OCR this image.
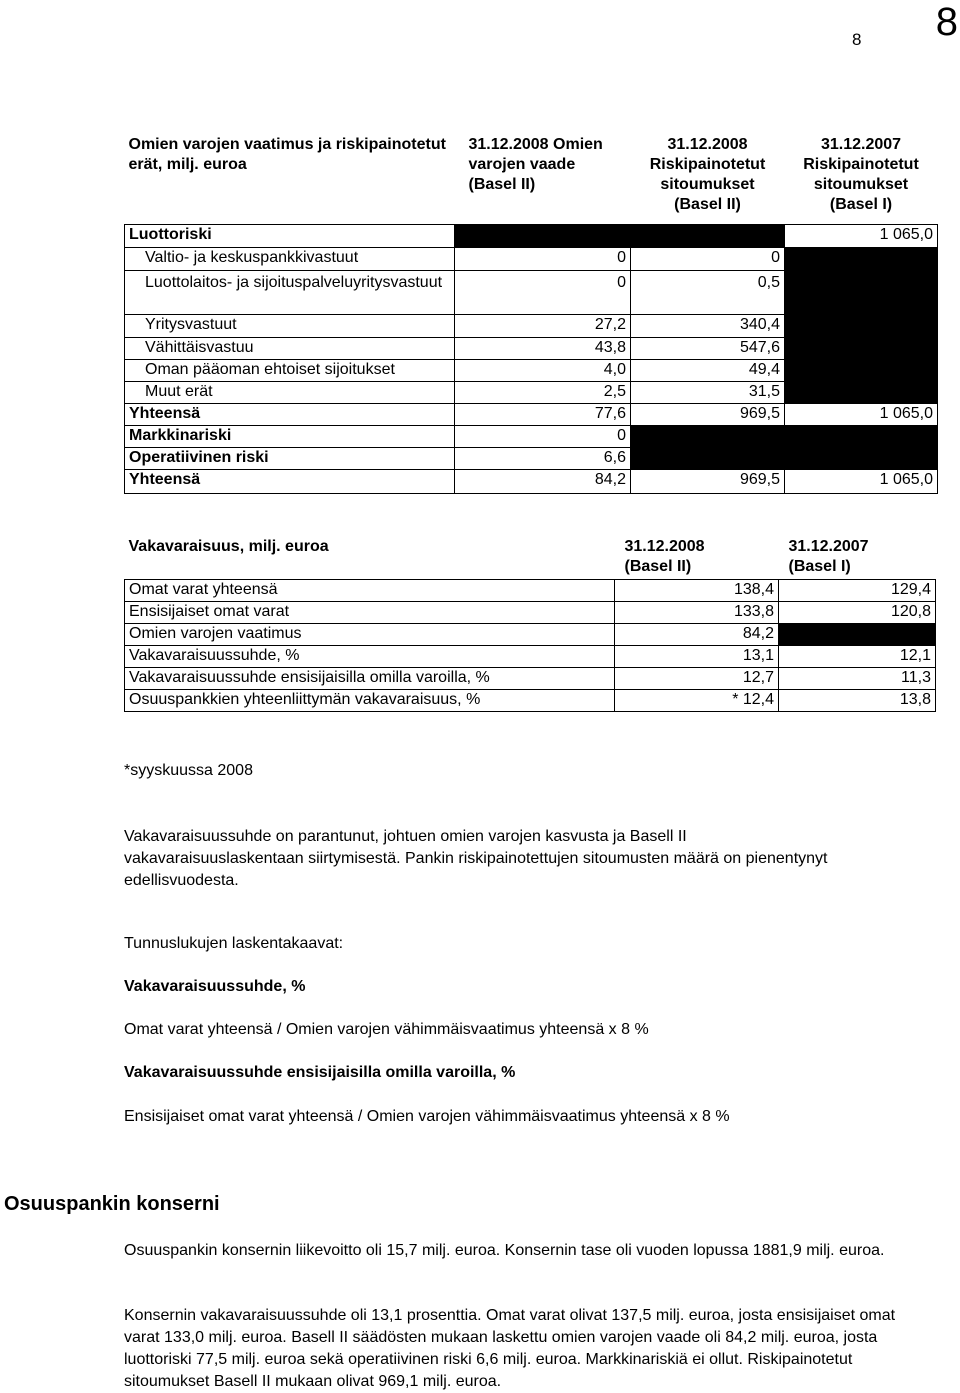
8 8
Omien varojen vaatimus ja riskipainotetut erät, milj. euroa	31.12.2008 Omien varojen vaade (Basel II)	31.12.2008 Riskipainotetut sitoumukset (Basel II)	31.12.2007 Riskipainotetut sitoumukset (Basel I)
Luottoriski			1 065,0
Valtio- ja keskuspankkivastuut	0	0	
Luottolaitos- ja sijoituspalveluyritysvastuut	0	0,5	
Yritysvastuut	27,2	340,4	
Vähittäisvastuu	43,8	547,6	
Oman pääoman ehtoiset sijoitukset	4,0	49,4	
Muut erät	2,5	31,5	
Yhteensä	77,6	969,5	1 065,0
Markkinariski	0		
Operatiivinen riski	6,6		
Yhteensä	84,2	969,5	1 065,0
Vakavaraisuus, milj. euroa	31.12.2008 (Basel II)	31.12.2007 (Basel I)

Omat varat yhteensä	138,4	129,4
Ensisijaiset omat varat	133,8	120,8
Omien varojen vaatimus	84,2	
Vakavaraisuussuhde, %	13,1	12,1
Vakavaraisuussuhde ensisijaisilla omilla varoilla, %	12,7	11,3
Osuuspankkien yhteenliittymän vakavaraisuus, %	* 12,4	13,8
*syyskuussa 2008
Vakavaraisuussuhde on parantunut, johtuen omien varojen kasvusta ja Basell II vakavaraisuuslaskentaan siirtymisestä. Pankin riskipainotettujen sitoumusten määrä on pienentynyt edellisvuodesta.
Tunnuslukujen laskentakaavat:
Vakavaraisuussuhde, %
Omat varat yhteensä / Omien varojen vähimmäisvaatimus yhteensä x 8 %
Vakavaraisuussuhde ensisijaisilla omilla varoilla, %
Ensisijaiset omat varat yhteensä / Omien varojen vähimmäisvaatimus yhteensä x 8 %
Osuuspankin konserni
Osuuspankin konsernin liikevoitto oli 15,7 milj. euroa. Konsernin tase oli vuoden lopussa 1881,9 milj. euroa.
Konsernin vakavaraisuussuhde oli 13,1 prosenttia. Omat varat olivat 137,5 milj. euroa, josta ensisijaiset omat varat 133,0 milj. euroa. Basell II säädösten mukaan laskettu omien varojen vaade oli 84,2 milj. euroa, josta luottoriski 77,5 milj. euroa sekä operatiivinen riski 6,6 milj. euroa. Markkinariskiä ei ollut. Riskipainotetut sitoumukset Basell II mukaan olivat 969,1 milj. euroa.
